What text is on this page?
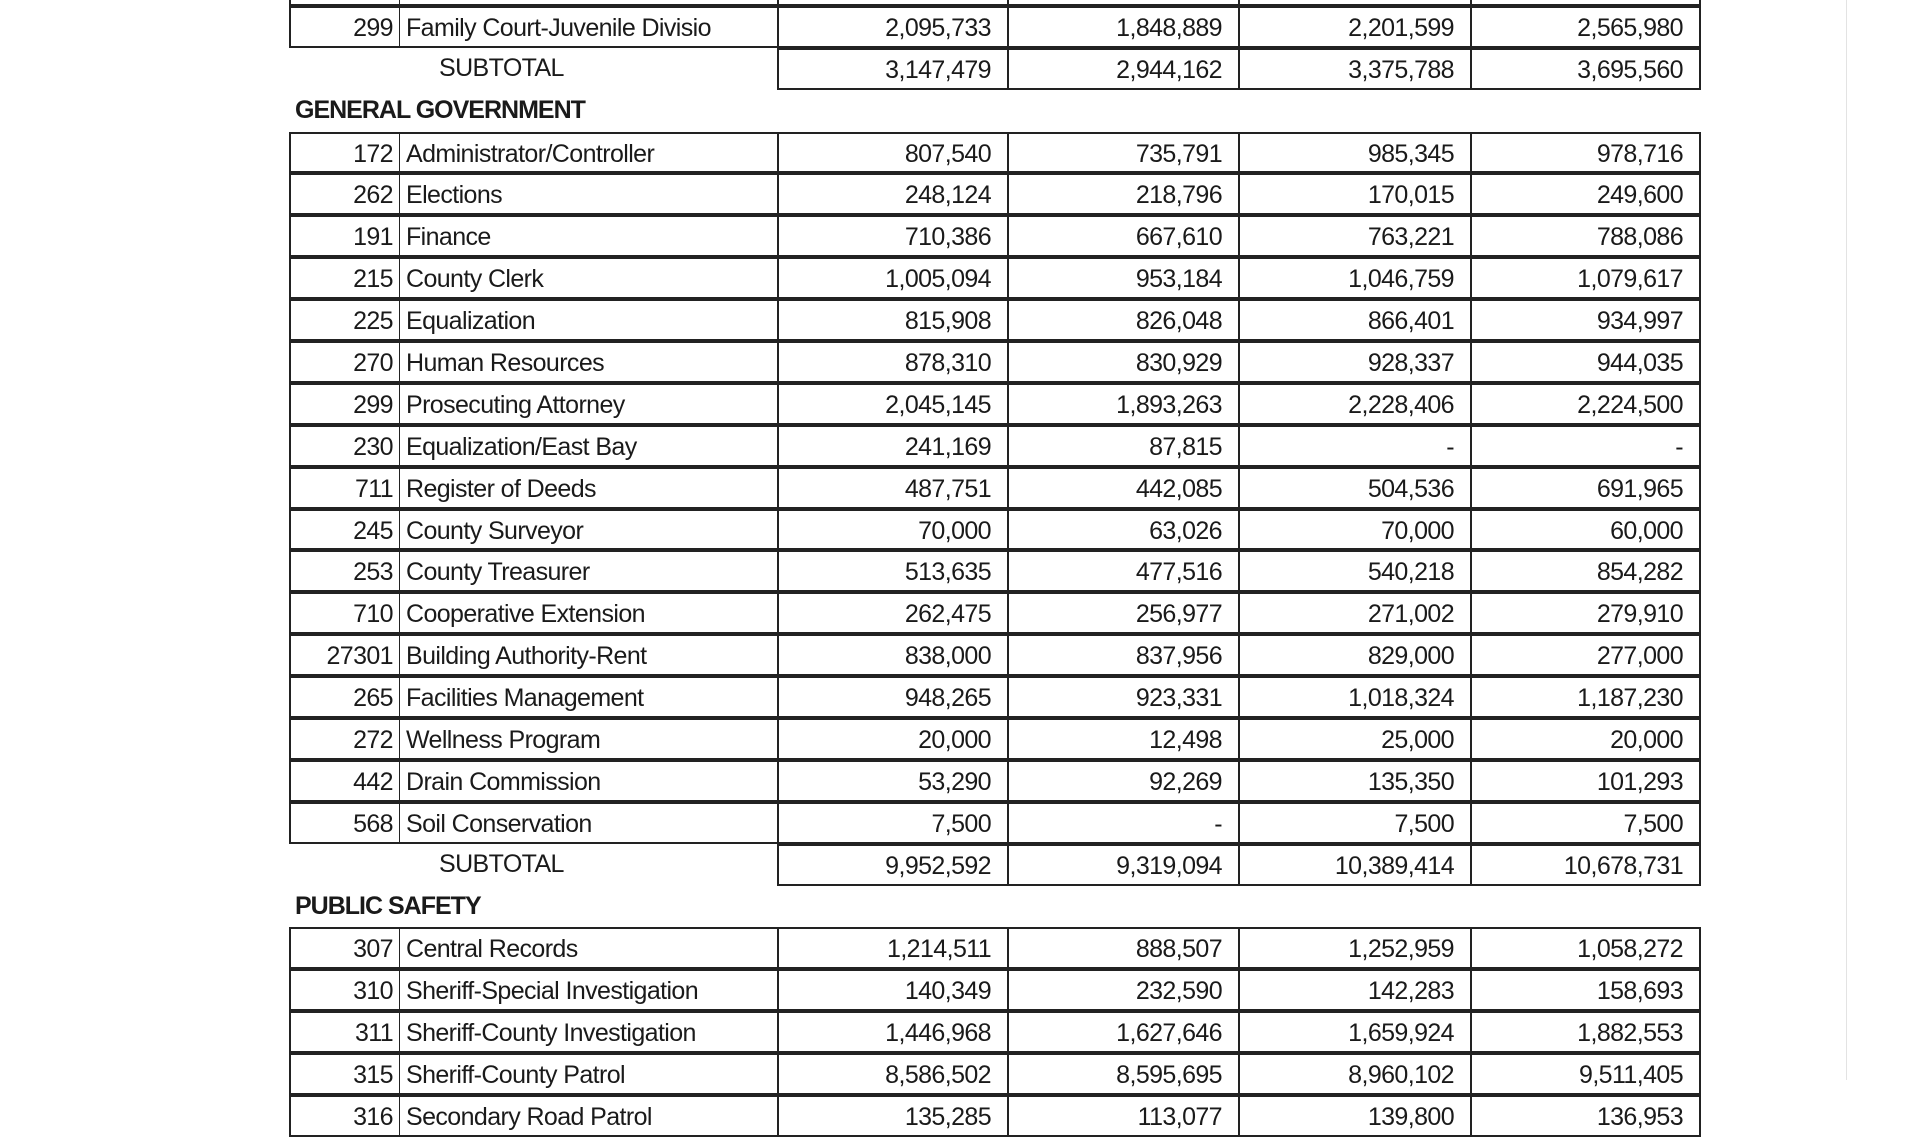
299 Family Court-Juvenile Divisio	2,095,733	1,848,889	2,201,599	2,565,980
SUBTOTAL	3,147,479	2,944,162	3,375,788	3,695,560
GENERAL GOVERNMENT
172 Administrator/Controller	807,540	735,791	985,345	978,716
262 Elections	248,124	218,796	170,015	249,600
191 Finance	710,386	667,610	763,221	788,086
215 County Clerk	1,005,094	953,184	1,046,759	1,079,617
225 Equalization	815,908	826,048	866,401	934,997
270 Human Resources	878,310	830,929	928,337	944,035
299 Prosecuting Attorney	2,045,145	1,893,263	2,228,406	2,224,500
230 Equalization/East Bay	241,169	87,815	-	-
711 Register of Deeds	487,751	442,085	504,536	691,965
245 County Surveyor	70,000	63,026	70,000	60,000
253 County Treasurer	513,635	477,516	540,218	854,282
710 Cooperative Extension	262,475	256,977	271,002	279,910
27301 Building Authority-Rent	838,000	837,956	829,000	277,000
265 Facilities Management	948,265	923,331	1,018,324	1,187,230
272 Wellness Program	20,000	12,498	25,000	20,000
442 Drain Commission	53,290	92,269	135,350	101,293
568 Soil Conservation	7,500	-	7,500	7,500
SUBTOTAL	9,952,592	9,319,094	10,389,414	10,678,731
PUBLIC SAFETY
307 Central Records	1,214,511	888,507	1,252,959	1,058,272
310 Sheriff-Special Investigation	140,349	232,590	142,283	158,693
311 Sheriff-County Investigation	1,446,968	1,627,646	1,659,924	1,882,553
315 Sheriff-County Patrol	8,586,502	8,595,695	8,960,102	9,511,405
316 Secondary Road Patrol	135,285	113,077	139,800	136,953
